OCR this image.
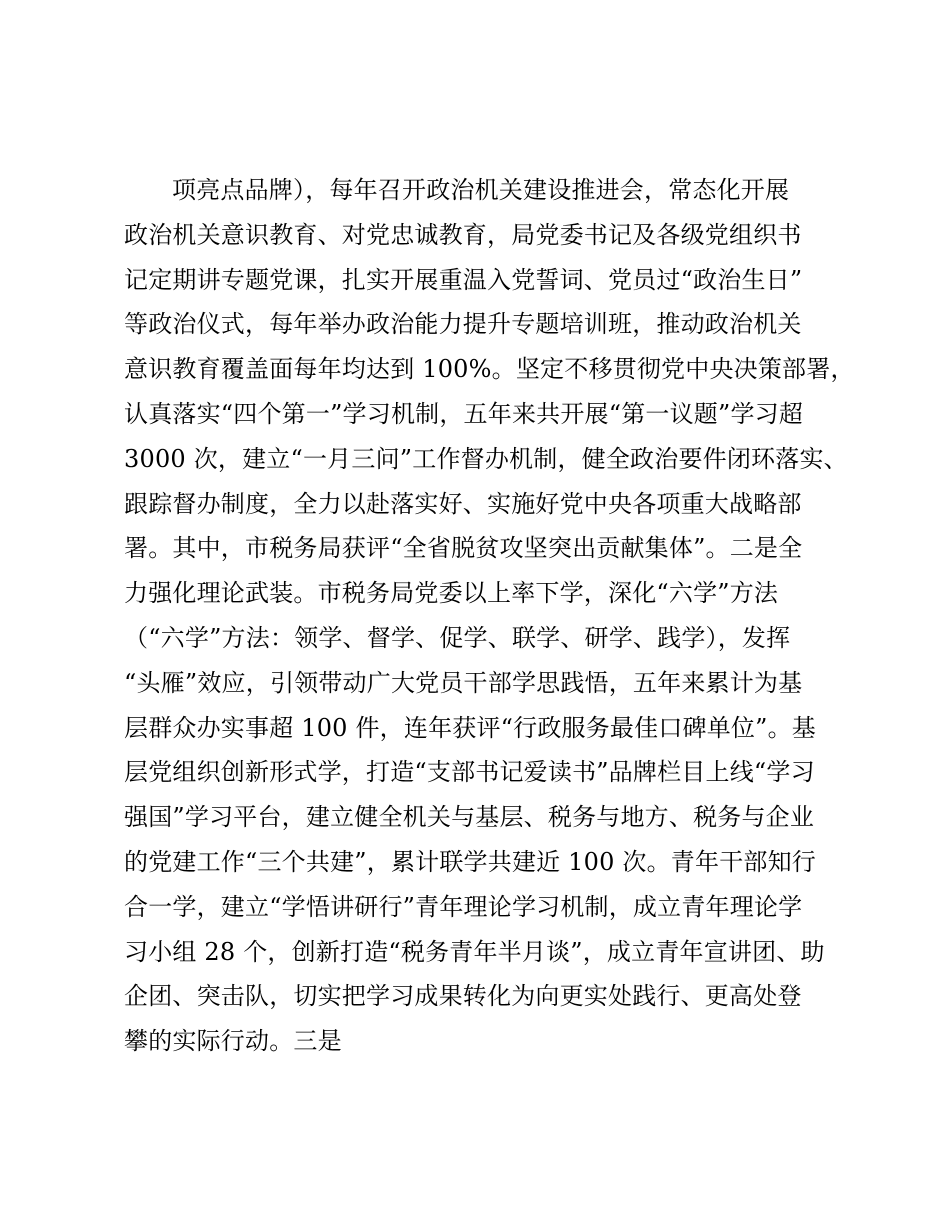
项亮点品牌），每年召开政治机关建设推进会，常态化开展
政治机关意识教育、对党忠诚教育，局党委书记及各级党组织书
记定期讲专题党课，扎实开展重温入党誓词、党员过“政治生日”
等政治仪式，每年举办政治能力提升专题培训班，推动政治机关
意识教育覆盖面每年均达到 100%。坚定不移贯彻党中央决策部署，
认真落实“四个第一”学习机制，五年来共开展“第一议题”学习超
3000 次，建立“一月三问”工作督办机制，健全政治要件闭环落实、
跟踪督办制度，全力以赴落实好、实施好党中央各项重大战略部
署。其中，市税务局获评“全省脱贫攻坚突出贡献集体”。二是全
力强化理论武装。市税务局党委以上率下学，深化“六学”方法
（“六学”方法：领学、督学、促学、联学、研学、践学），发挥
“头雁”效应，引领带动广大党员干部学思践悟，五年来累计为基
层群众办实事超 100 件，连年获评“行政服务最佳口碑单位”。基
层党组织创新形式学，打造“支部书记爱读书”品牌栏目上线“学习
强国”学习平台，建立健全机关与基层、税务与地方、税务与企业
的党建工作“三个共建”，累计联学共建近 100 次。青年干部知行
合一学，建立“学悟讲研行”青年理论学习机制，成立青年理论学
习小组 28 个，创新打造“税务青年半月谈”，成立青年宣讲团、助
企团、突击队，切实把学习成果转化为向更实处践行、更高处登
攀的实际行动。三是
